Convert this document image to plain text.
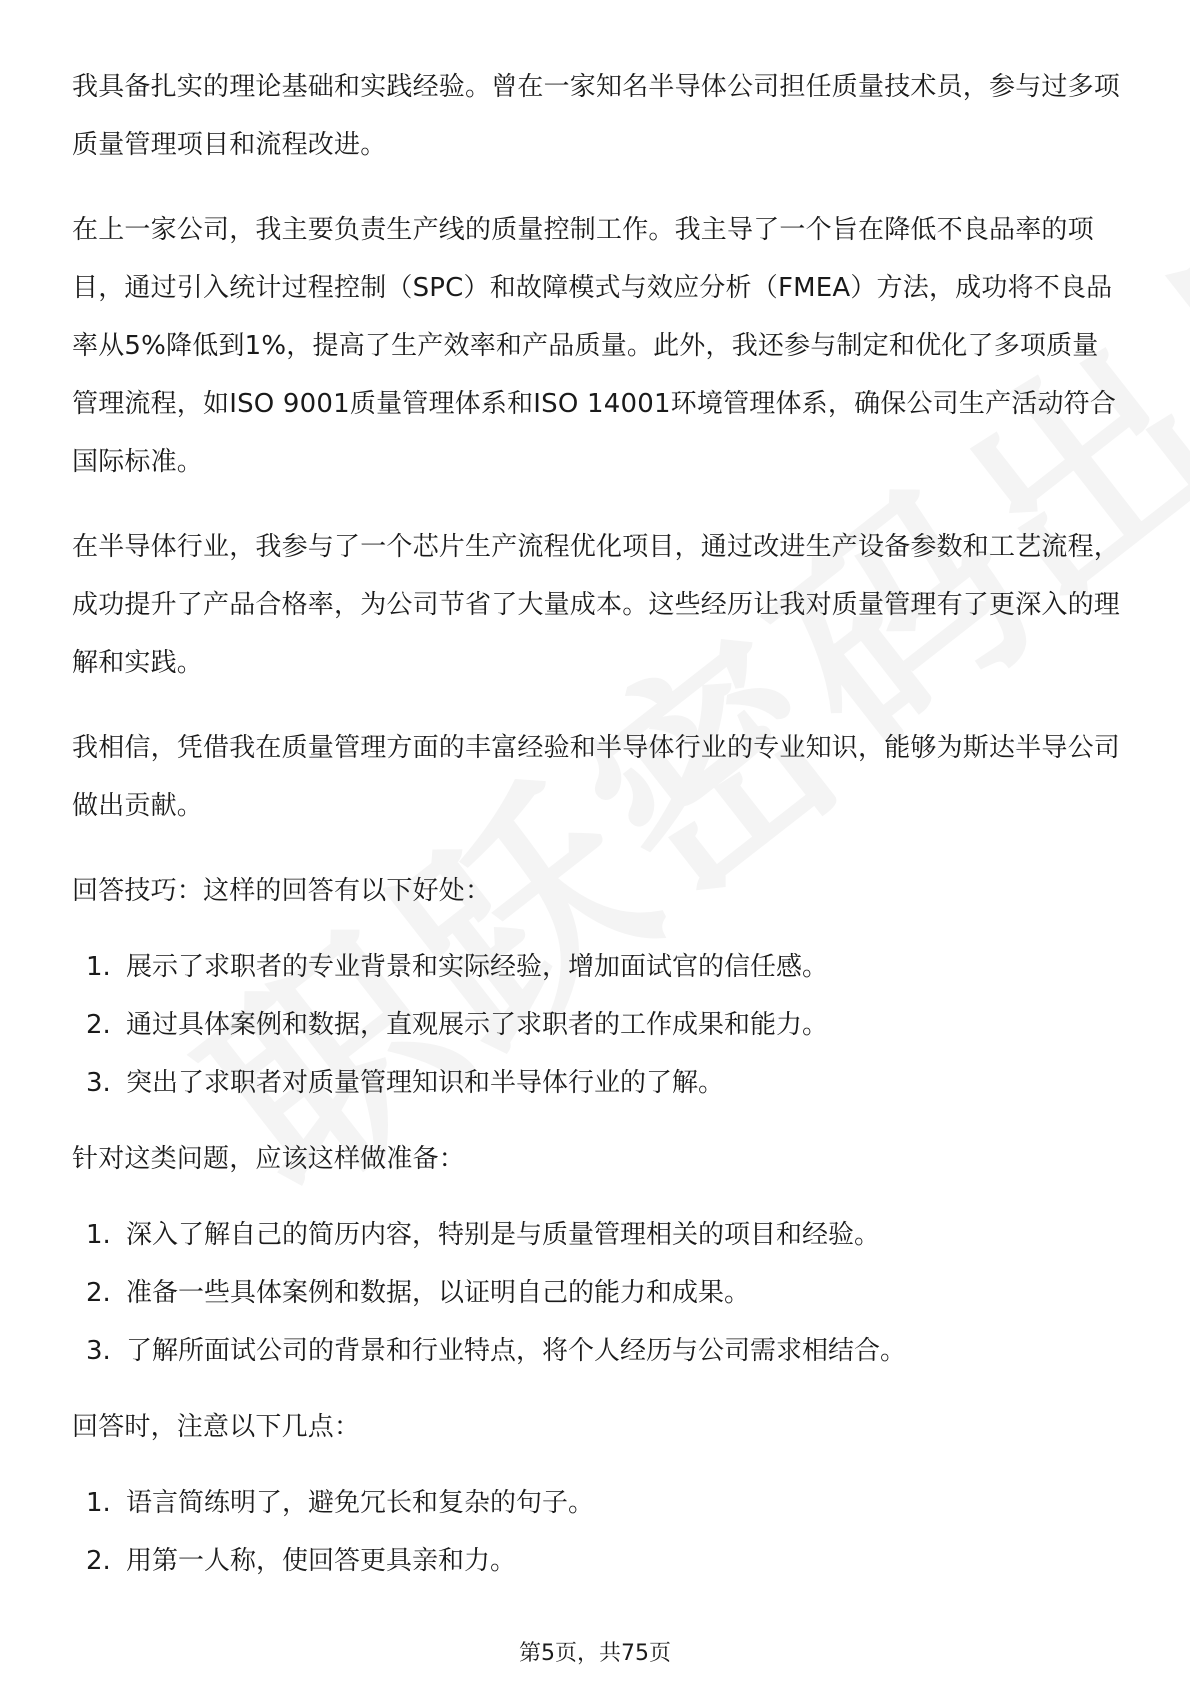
我具备扎实的理论基础和实践经验。曾在一家知名半导体公司担任质量技术员，参与过多项质量管理项目和流程改进。

在上一家公司，我主要负责生产线的质量控制工作。我主导了一个旨在降低不良品率的项目，通过引入统计过程控制（SPC）和故障模式与效应分析（FMEA）方法，成功将不良品率从5%降低到1%，提高了生产效率和产品质量。此外，我还参与制定和优化了多项质量管理流程，如ISO 9001质量管理体系和ISO 14001环境管理体系，确保公司生产活动符合国际标准。

在半导体行业，我参与了一个芯片生产流程优化项目，通过改进生产设备参数和工艺流程，成功提升了产品合格率，为公司节省了大量成本。这些经历让我对质量管理有了更深入的理解和实践。

我相信，凭借我在质量管理方面的丰富经验和半导体行业的专业知识，能够为斯达半导公司做出贡献。

回答技巧：这样的回答有以下好处：

1. 展示了求职者的专业背景和实际经验，增加面试官的信任感。
2. 通过具体案例和数据，直观展示了求职者的工作成果和能力。
3. 突出了求职者对质量管理知识和半导体行业的了解。

针对这类问题，应该这样做准备：

1. 深入了解自己的简历内容，特别是与质量管理相关的项目和经验。
2. 准备一些具体案例和数据，以证明自己的能力和成果。
3. 了解所面试公司的背景和行业特点，将个人经历与公司需求相结合。

回答时，注意以下几点：

1. 语言简练明了，避免冗长和复杂的句子。
2. 用第一人称，使回答更具亲和力。
第5页，共75页
